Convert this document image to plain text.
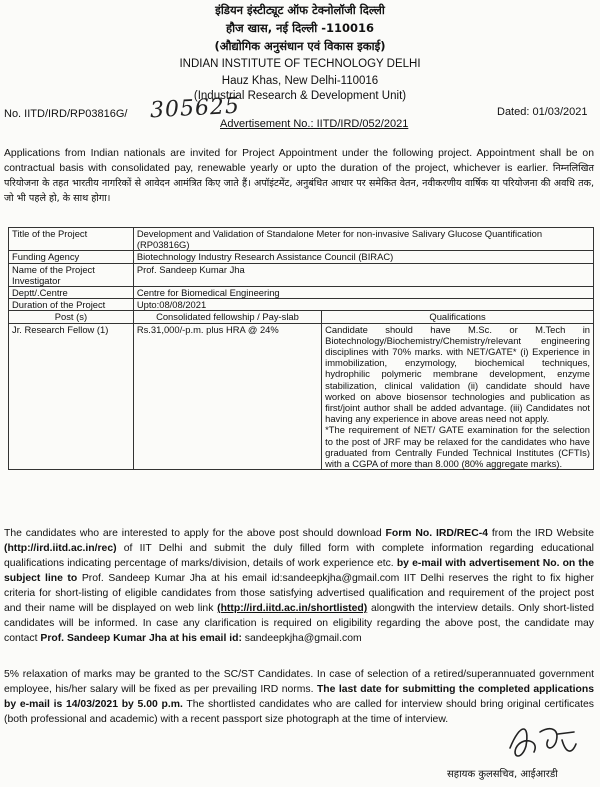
इंडियन इंस्टीट्यूट ऑफ टेक्नोलॉजी दिल्ली
हौज खास, नई दिल्ली -110016
(औद्योगिक अनुसंधान एवं विकास इकाई)
INDIAN INSTITUTE OF TECHNOLOGY DELHI
Hauz Khas, New Delhi-110016
(Industrial Research & Development Unit)
No. IITD/IRD/RP03816G/ 305625	Dated: 01/03/2021
Advertisement No.: IITD/IRD/052/2021

Applications from Indian nationals are invited for Project Appointment under the following project. Appointment shall be on contractual basis with consolidated pay, renewable yearly or upto the duration of the project, whichever is earlier. निम्नलिखित परियोजना के तहत भारतीय नागरिकों से आवेदन आमंत्रित किए जाते हैं। अपॉइंटमेंट, अनुबंधित आधार पर समेकित वेतन, नवीकरणीय वार्षिक या परियोजना की अवधि तक, जो भी पहले हो, के साथ होगा।

Title of the Project	Development and Validation of Standalone Meter for non-invasive Salivary Glucose Quantification (RP03816G)	
Funding Agency	Biotechnology Industry Research Assistance Council (BIRAC)	
Name of the Project Investigator	Prof. Sandeep Kumar Jha	
Deptt/.Centre	Centre for Biomedical Engineering	
Duration of the Project	Upto:08/08/2021	
Post (s)	Consolidated fellowship / Pay-slab	Qualifications
Jr. Research Fellow (1)	Rs.31,000/-p.m. plus HRA @ 24%	Candidate should have M.Sc. or M.Tech in Biotechnology/Biochemistry/Chemistry/relevant engineering disciplines with 70% marks. with NET/GATE* (i) Experience in immobilization, enzymology, biochemical techniques, hydrophilic polymeric membrane development, enzyme stabilization, clinical validation (ii) candidate should have worked on above biosensor technologies and publication as first/joint author shall be added advantage. (iii) Candidates not having any experience in above areas need not apply.
*The requirement of NET/ GATE examination for the selection to the post of JRF may be relaxed for the candidates who have graduated from Centrally Funded Technical Institutes (CFTIs) with a CGPA of more than 8.000 (80% aggregate marks).

The candidates who are interested to apply for the above post should download Form No. IRD/REC-4 from the IRD Website (http://ird.iitd.ac.in/rec) of IIT Delhi and submit the duly filled form with complete information regarding educational qualifications indicating percentage of marks/division, details of work experience etc. by e-mail with advertisement No. on the subject line to Prof. Sandeep Kumar Jha at his email id:sandeepkjha@gmail.com IIT Delhi reserves the right to fix higher criteria for short-listing of eligible candidates from those satisfying advertised qualification and requirement of the project post and their name will be displayed on web link (http://ird.iitd.ac.in/shortlisted) alongwith the interview details. Only short-listed candidates will be informed. In case any clarification is required on eligibility regarding the above post, the candidate may contact Prof. Sandeep Kumar Jha at his email id: sandeepkjha@gmail.com

5% relaxation of marks may be granted to the SC/ST Candidates. In case of selection of a retired/superannuated government employee, his/her salary will be fixed as per prevailing IRD norms. The last date for submitting the completed applications by e-mail is 14/03/2021 by 5.00 p.m. The shortlisted candidates who are called for interview should bring original certificates (both professional and academic) with a recent passport size photograph at the time of interview.

सहायक कुलसचिव, आईआरडी
